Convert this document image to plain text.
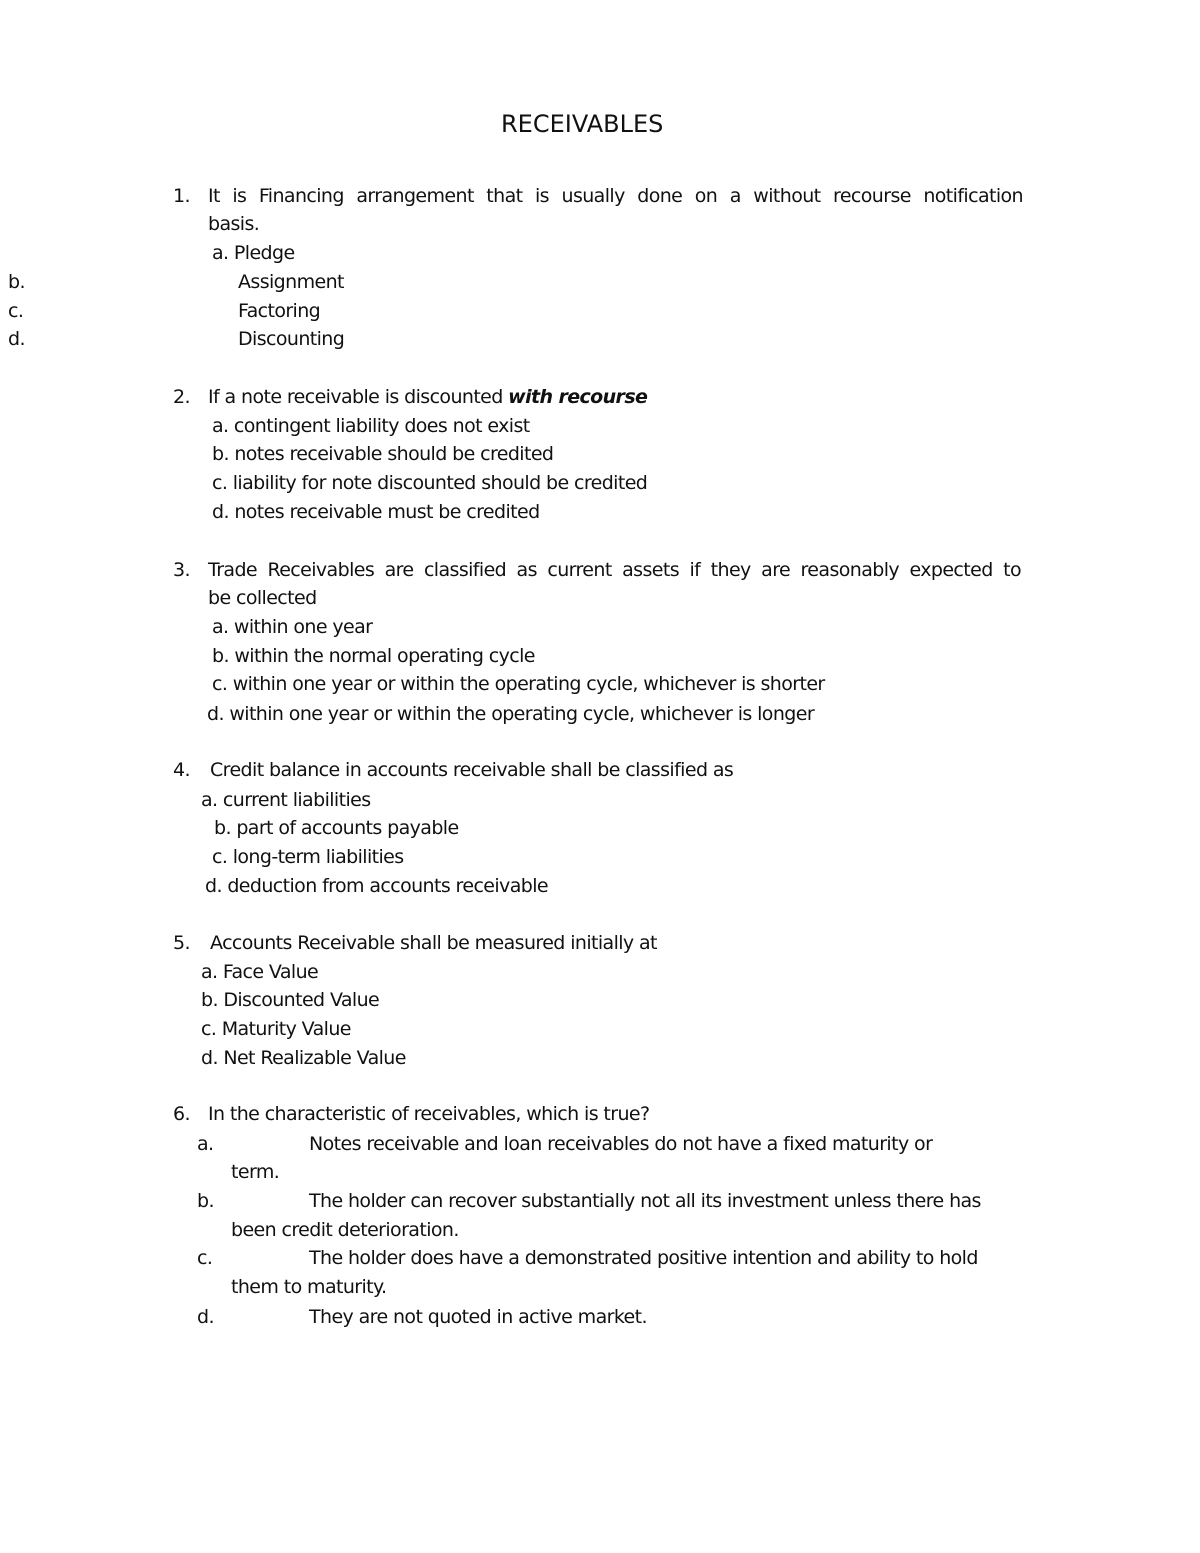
RECEIVABLES
1. It is Financing arrangement that is usually done on a without recourse notification
basis.
a. Pledge
b.	Assignment
c.	Factoring
d.	Discounting
2. If a note receivable is discounted with recourse
a. contingent liability does not exist
b. notes receivable should be credited
c. liability for note discounted should be credited
d. notes receivable must be credited
3. Trade Receivables are classified as current assets if they are reasonably expected to
be collected
a. within one year
b. within the normal operating cycle
c. within one year or within the operating cycle, whichever is shorter
d. within one year or within the operating cycle, whichever is longer
4. Credit balance in accounts receivable shall be classified as
a. current liabilities
b. part of accounts payable
c. long-term liabilities
d. deduction from accounts receivable
5. Accounts Receivable shall be measured initially at
a. Face Value
b. Discounted Value
c. Maturity Value
d. Net Realizable Value
6. In the characteristic of receivables, which is true?
a.	Notes receivable and loan receivables do not have a fixed maturity or
term.
b.	The holder can recover substantially not all its investment unless there has
been credit deterioration.
c.	The holder does have a demonstrated positive intention and ability to hold
them to maturity.
d.	They are not quoted in active market.
